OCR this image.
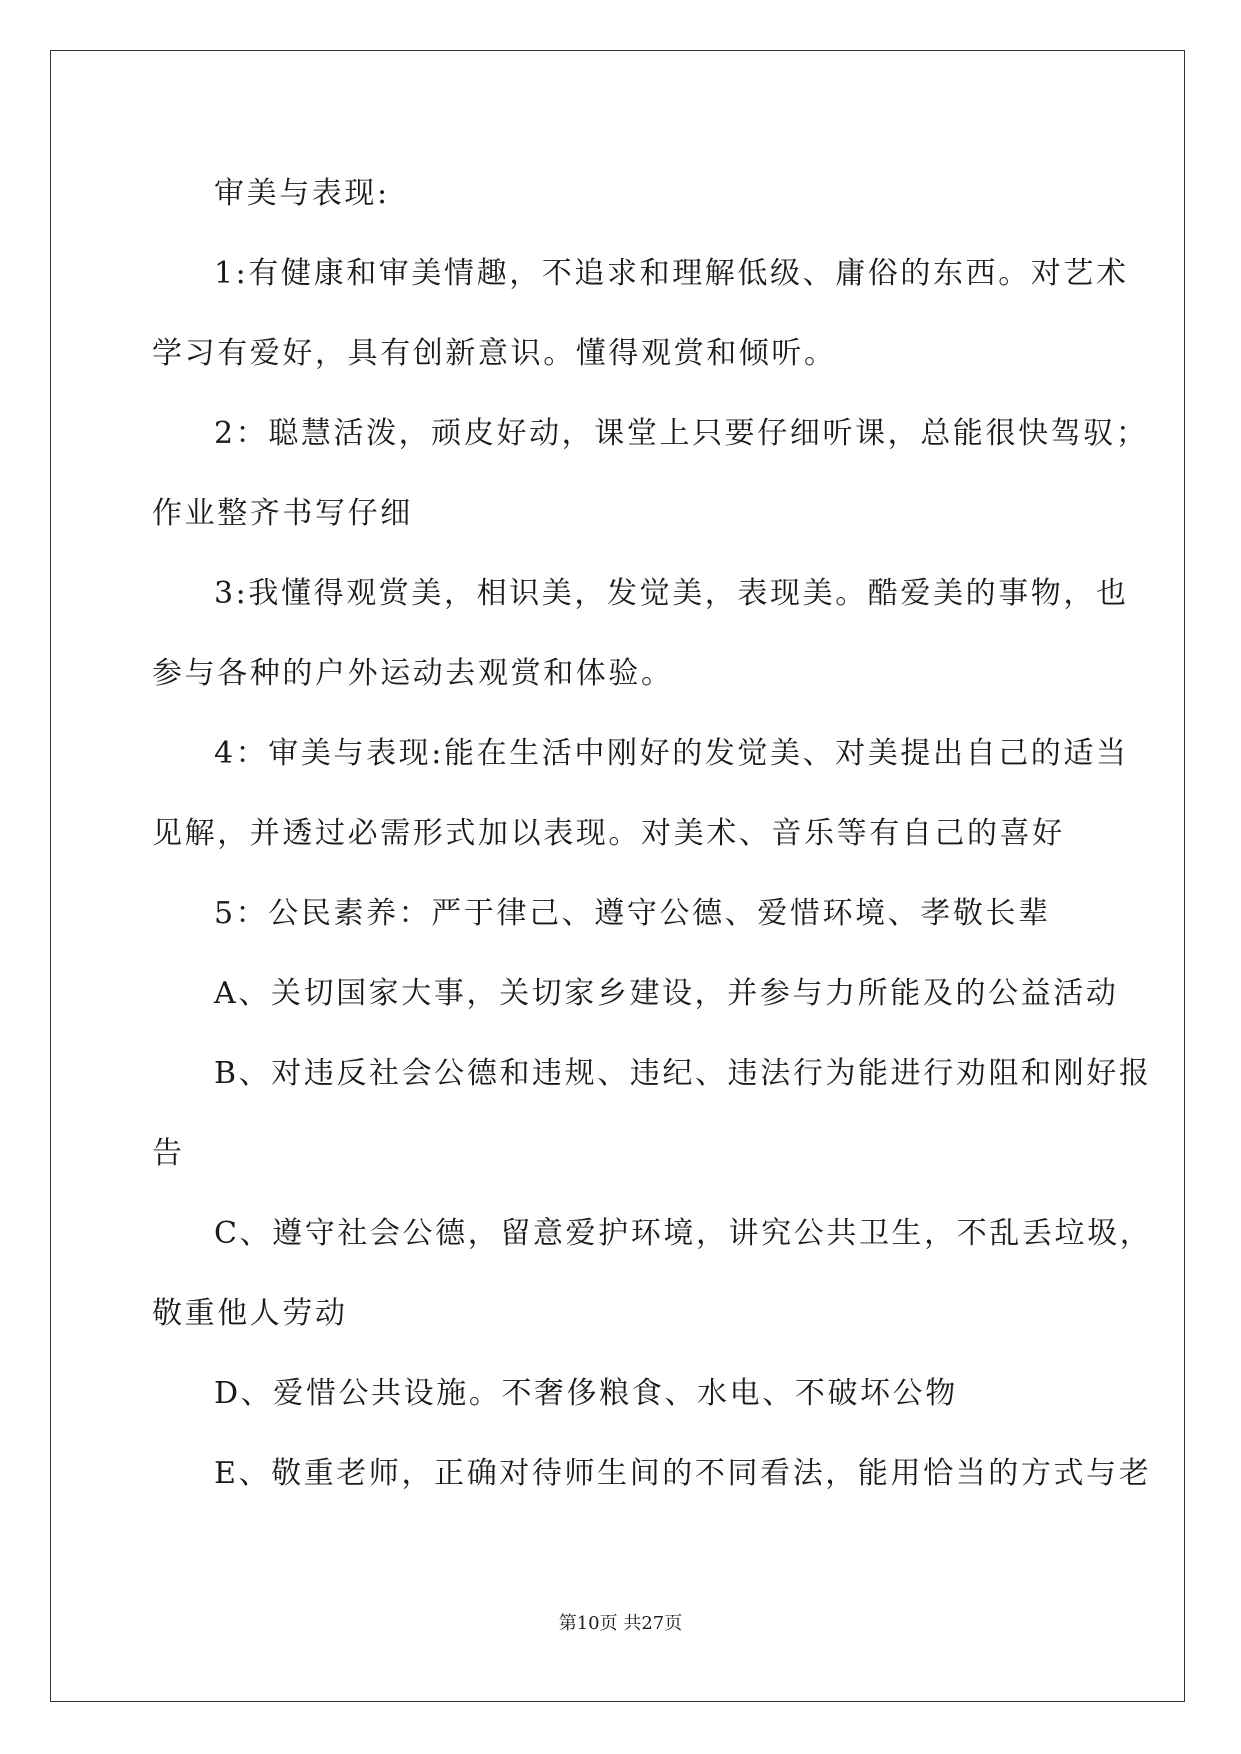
审美与表现:
1:有健康和审美情趣，不追求和理解低级、庸俗的东西。对艺术
学习有爱好，具有创新意识。懂得观赏和倾听。
2：聪慧活泼，顽皮好动，课堂上只要仔细听课，总能很快驾驭；
作业整齐书写仔细
3:我懂得观赏美，相识美，发觉美，表现美。酷爱美的事物，也
参与各种的户外运动去观赏和体验。
4：审美与表现:能在生活中刚好的发觉美、对美提出自己的适当
见解，并透过必需形式加以表现。对美术、音乐等有自己的喜好
5：公民素养：严于律己、遵守公德、爱惜环境、孝敬长辈
A、关切国家大事，关切家乡建设，并参与力所能及的公益活动
B、对违反社会公德和违规、违纪、违法行为能进行劝阻和刚好报
告
C、遵守社会公德，留意爱护环境，讲究公共卫生，不乱丢垃圾，
敬重他人劳动
D、爱惜公共设施。不奢侈粮食、水电、不破坏公物
E、敬重老师，正确对待师生间的不同看法，能用恰当的方式与老
第10页 共27页
